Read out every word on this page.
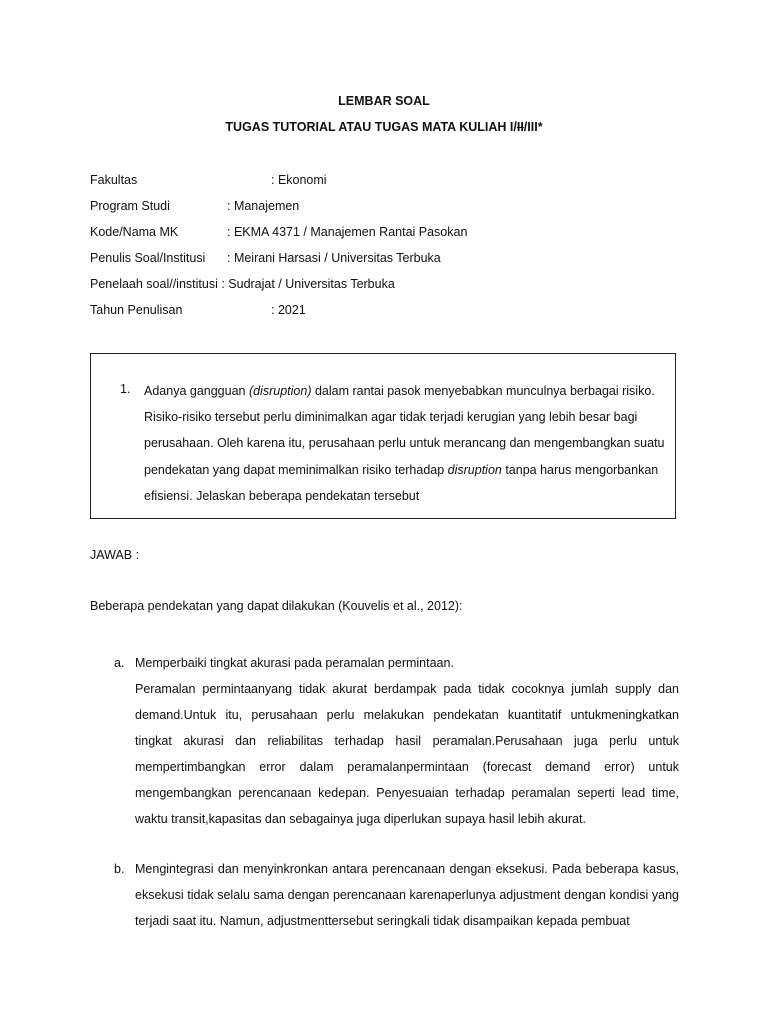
LEMBAR SOAL

TUGAS TUTORIAL ATAU TUGAS MATA KULIAH I/II/III*

Fakultas	: Ekonomi
Program Studi	: Manajemen
Kode/Nama MK	: EKMA 4371 / Manajemen Rantai Pasokan
Penulis Soal/Institusi : Meirani Harsasi / Universitas Terbuka
Penelaah soal//institusi : Sudrajat / Universitas Terbuka
Tahun Penulisan	: 2021
1. Adanya gangguan (disruption) dalam rantai pasok menyebabkan munculnya berbagai risiko. Risiko-risiko tersebut perlu diminimalkan agar tidak terjadi kerugian yang lebih besar bagi perusahaan. Oleh karena itu, perusahaan perlu untuk merancang dan mengembangkan suatu pendekatan yang dapat meminimalkan risiko terhadap disruption tanpa harus mengorbankan efisiensi. Jelaskan beberapa pendekatan tersebut

JAWAB :

Beberapa pendekatan yang dapat dilakukan (Kouvelis et al., 2012):

a. Memperbaiki tingkat akurasi pada peramalan permintaan.
Peramalan permintaanyang tidak akurat berdampak pada tidak cocoknya jumlah supply dan demand.Untuk itu, perusahaan perlu melakukan pendekatan kuantitatif untukmeningkatkan tingkat akurasi dan reliabilitas terhadap hasil peramalan.Perusahaan juga perlu untuk mempertimbangkan error dalam peramalanpermintaan (forecast demand error) untuk mengembangkan perencanaan kedepan. Penyesuaian terhadap peramalan seperti lead time, waktu transit,kapasitas dan sebagainya juga diperlukan supaya hasil lebih akurat.

b. Mengintegrasi dan menyinkronkan antara perencanaan dengan eksekusi. Pada beberapa kasus, eksekusi tidak selalu sama dengan perencanaan karenaperlunya adjustment dengan kondisi yang terjadi saat itu. Namun, adjustmenttersebut seringkali tidak disampaikan kepada pembuat
